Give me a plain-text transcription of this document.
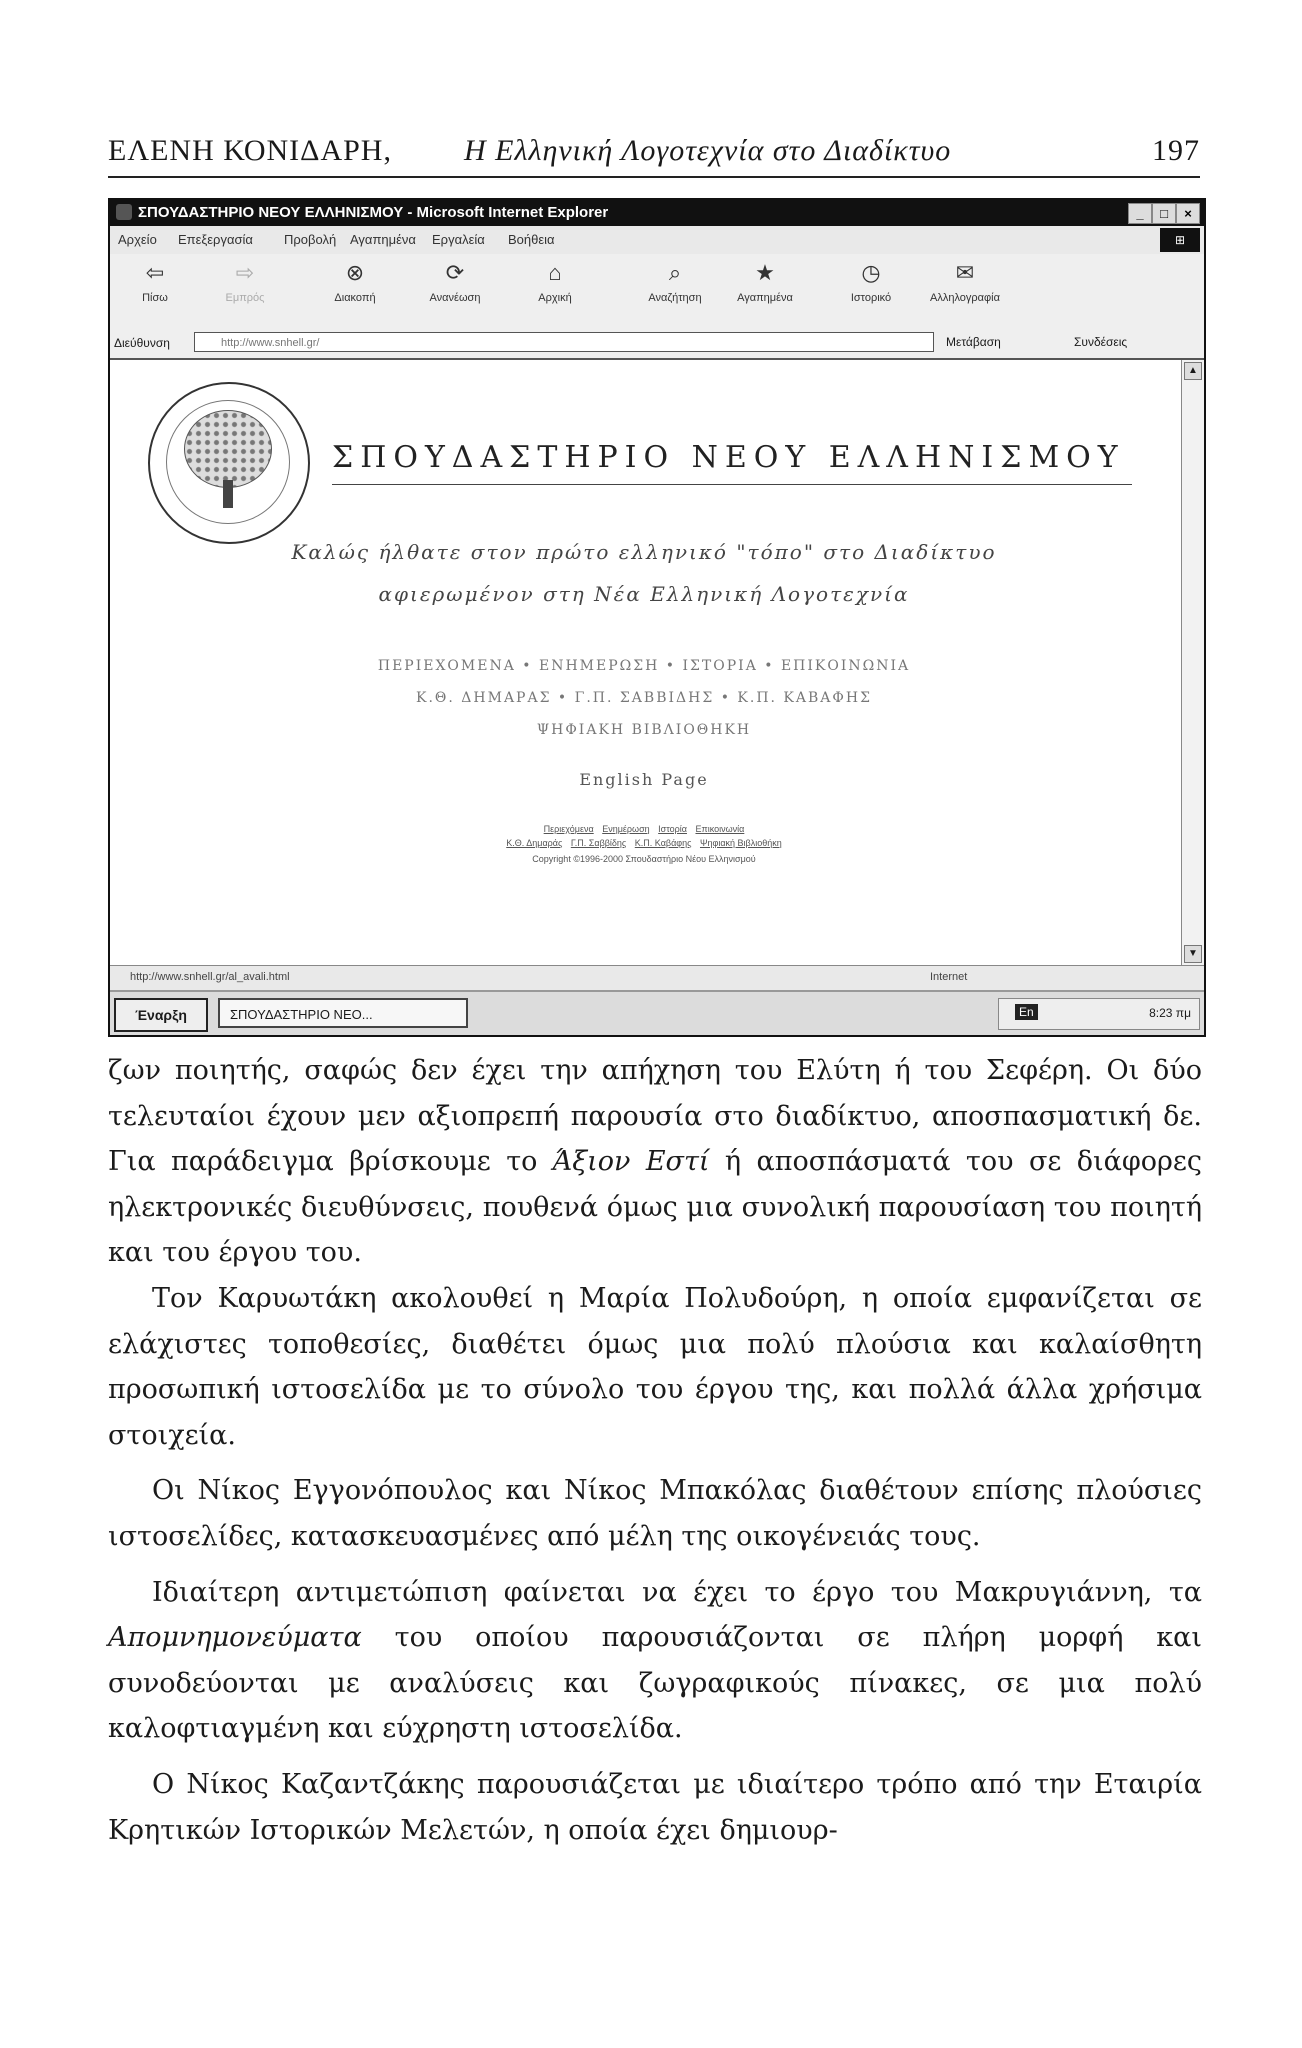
ΕΛΕΝΗ ΚΟΝΙΔΑΡΗ, Η Ελληνική Λογοτεχνία στο Διαδίκτυο	197
ΣΠΟΥΔΑΣΤΗΡΙΟ ΝΕΟΥ ΕΛΛΗΝΙΣΜΟΥ - Microsoft Internet Explorer	_	□	×
Αρχείο Επεξεργασία Προβολή Αγαπημένα Εργαλεία Βοήθεια	⊞
⇦
Πίσω
⇨
Εμπρός
⊗
Διακοπή
⟳
Ανανέωση
⌂
Αρχική
⌕
Αναζήτηση
★
Αγαπημένα
◷
Ιστορικό
✉
Αλληλογραφία
Διεύθυνση	http://www.snhell.gr/	Μετάβαση	Συνδέσεις
ΣΠΟΥΔΑΣΤΗΡΙΟ ΝΕΟΥ ΕΛΛΗΝΙΣΜΟΥ
Καλώς ήλθατε στον πρώτο ελληνικό "τόπο" στο Διαδίκτυο
αφιερωμένον στη Νέα Ελληνική Λογοτεχνία
ΠΕΡΙΕΧΟΜΕΝΑ • ΕΝΗΜΕΡΩΣΗ • ΙΣΤΟΡΙΑ • ΕΠΙΚΟΙΝΩΝΙΑ
Κ.Θ. ΔΗΜΑΡΑΣ • Γ.Π. ΣΑΒΒΙΔΗΣ • Κ.Π. ΚΑΒΑΦΗΣ
ΨΗΦΙΑΚΗ ΒΙΒΛΙΟΘΗΚΗ
English Page
Περιεχόμενα Ενημέρωση Ιστορία Επικοινωνία
Κ.Θ. Δημαράς Γ.Π. Σαββίδης Κ.Π. Καβάφης Ψηφιακή Βιβλιοθήκη
Copyright ©1996-2000 Σπουδαστήριο Νέου Ελληνισμού
▲
▼
http://www.snhell.gr/al_avali.html	Internet
Έναρξη	ΣΠΟΥΔΑΣΤΗΡΙΟ ΝΕΟ...	En	8:23 πμ

ζων ποιητής, σαφώς δεν έχει την απήχηση του Ελύτη ή του Σεφέρη. Οι δύο τελευταίοι έχουν μεν αξιοπρεπή παρουσία στο διαδίκτυο, αποσπασματική δε. Για παράδειγμα βρίσκουμε το Άξιον Εστί ή αποσπάσματά του σε διάφορες ηλεκτρονικές διευθύνσεις, πουθενά όμως μια συνολική παρουσίαση του ποιητή και του έργου του.

Τον Καρυωτάκη ακολουθεί η Μαρία Πολυδούρη, η οποία εμφανίζεται σε ελάχιστες τοποθεσίες, διαθέτει όμως μια πολύ πλούσια και καλαίσθητη προσωπική ιστοσελίδα με το σύνολο του έργου της, και πολλά άλλα χρήσιμα στοιχεία.

Οι Νίκος Εγγονόπουλος και Νίκος Μπακόλας διαθέτουν επίσης πλούσιες ιστοσελίδες, κατασκευασμένες από μέλη της οικογένειάς τους.

Ιδιαίτερη αντιμετώπιση φαίνεται να έχει το έργο του Μακρυγιάννη, τα Απομνημονεύματα του οποίου παρουσιάζονται σε πλήρη μορφή και συνοδεύονται με αναλύσεις και ζωγραφικούς πίνακες, σε μια πολύ καλοφτιαγμένη και εύχρηστη ιστοσελίδα.

Ο Νίκος Καζαντζάκης παρουσιάζεται με ιδιαίτερο τρόπο από την Εταιρία Κρητικών Ιστορικών Μελετών, η οποία έχει δημιουρ-
